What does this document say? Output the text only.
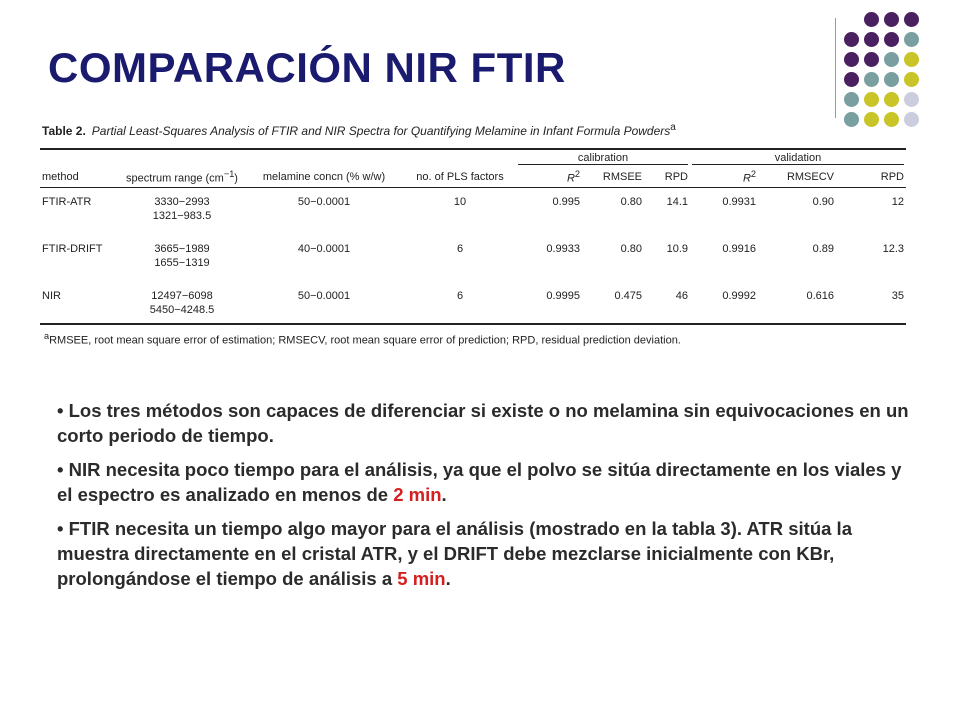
COMPARACIÓN NIR FTIR

Table 2. Partial Least-Squares Analysis of FTIR and NIR Spectra for Quantifying Melamine in Infant Formula Powders$^a$

				calibration			validation		

method	spectrum range $(cm^{-1})$	melamine concn (% w/w)	no. of PLS factors	$R^2$	RMSEE	RPD	$R^2$	RMSECV	RPD
FTIR-ATR	3330−2993	50−0.0001	10	0.995	0.80	14.1	0.9931	0.90	12
	1321−983.5								

FTIR-DRIFT	3665−1989	40−0.0001	6	0.9933	0.80	10.9	0.9916	0.89	12.3
	1655−1319								

NIR	12497−6098	50−0.0001	6	0.9995	0.475	46	0.9992	0.616	35
	5450−4248.5								

$^a$RMSEE, root mean square error of estimation; RMSECV, root mean square error of prediction; RPD, residual prediction deviation.

• Los tres métodos son capaces de diferenciar si existe o no melamina sin equivocaciones en un corto periodo de tiempo.

• NIR necesita poco tiempo para el análisis, ya que el polvo se sitúa directamente en los viales y el espectro es analizado en menos de 2 min.

• FTIR necesita un tiempo algo mayor para el análisis (mostrado en la tabla 3). ATR sitúa la muestra directamente en el cristal ATR, y el DRIFT debe mezclarse inicialmente con KBr, prolongándose el tiempo de análisis a 5 min.
